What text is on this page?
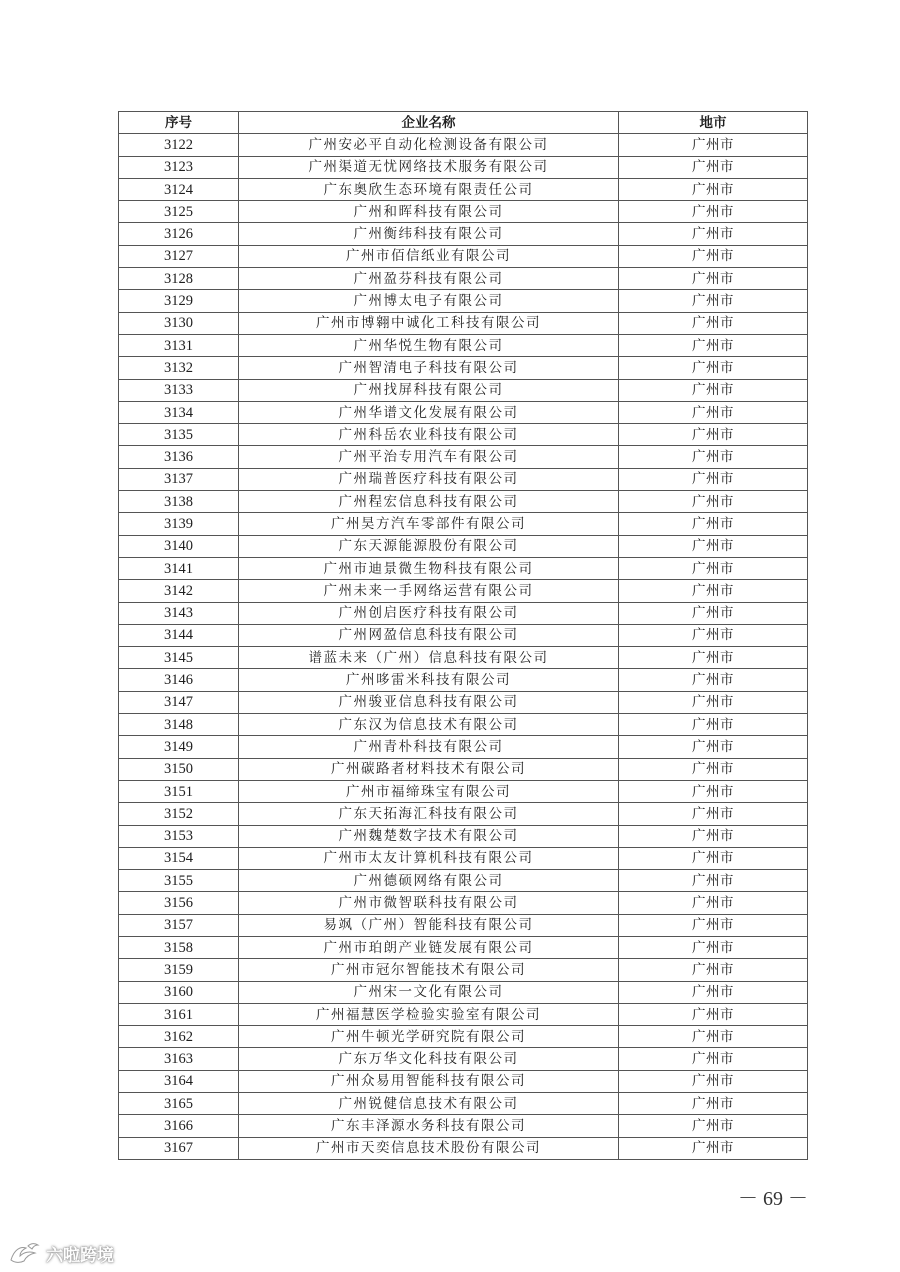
序号	企业名称	地市
3122	广州安必平自动化检测设备有限公司	广州市
3123	广州渠道无忧网络技术服务有限公司	广州市
3124	广东奥欣生态环境有限责任公司	广州市
3125	广州和晖科技有限公司	广州市
3126	广州衡纬科技有限公司	广州市
3127	广州市佰信纸业有限公司	广州市
3128	广州盈芬科技有限公司	广州市
3129	广州博太电子有限公司	广州市
3130	广州市博翱中诚化工科技有限公司	广州市
3131	广州华悦生物有限公司	广州市
3132	广州智清电子科技有限公司	广州市
3133	广州找屏科技有限公司	广州市
3134	广州华谱文化发展有限公司	广州市
3135	广州科岳农业科技有限公司	广州市
3136	广州平治专用汽车有限公司	广州市
3137	广州瑞普医疗科技有限公司	广州市
3138	广州程宏信息科技有限公司	广州市
3139	广州昊方汽车零部件有限公司	广州市
3140	广东天源能源股份有限公司	广州市
3141	广州市迪景微生物科技有限公司	广州市
3142	广州未来一手网络运营有限公司	广州市
3143	广州创启医疗科技有限公司	广州市
3144	广州网盈信息科技有限公司	广州市
3145	谱蓝未来（广州）信息科技有限公司	广州市
3146	广州哆雷米科技有限公司	广州市
3147	广州骏亚信息科技有限公司	广州市
3148	广东汉为信息技术有限公司	广州市
3149	广州青朴科技有限公司	广州市
3150	广州碳路者材料技术有限公司	广州市
3151	广州市福缔珠宝有限公司	广州市
3152	广东天拓海汇科技有限公司	广州市
3153	广州魏楚数字技术有限公司	广州市
3154	广州市太友计算机科技有限公司	广州市
3155	广州德硕网络有限公司	广州市
3156	广州市微智联科技有限公司	广州市
3157	易飒（广州）智能科技有限公司	广州市
3158	广州市珀朗产业链发展有限公司	广州市
3159	广州市冠尔智能技术有限公司	广州市
3160	广州宋一文化有限公司	广州市
3161	广州福慧医学检验实验室有限公司	广州市
3162	广州牛顿光学研究院有限公司	广州市
3163	广东万华文化科技有限公司	广州市
3164	广州众易用智能科技有限公司	广州市
3165	广州锐健信息技术有限公司	广州市
3166	广东丰泽源水务科技有限公司	广州市
3167	广州市天奕信息技术股份有限公司	广州市
－ 69 －
六啦跨境
